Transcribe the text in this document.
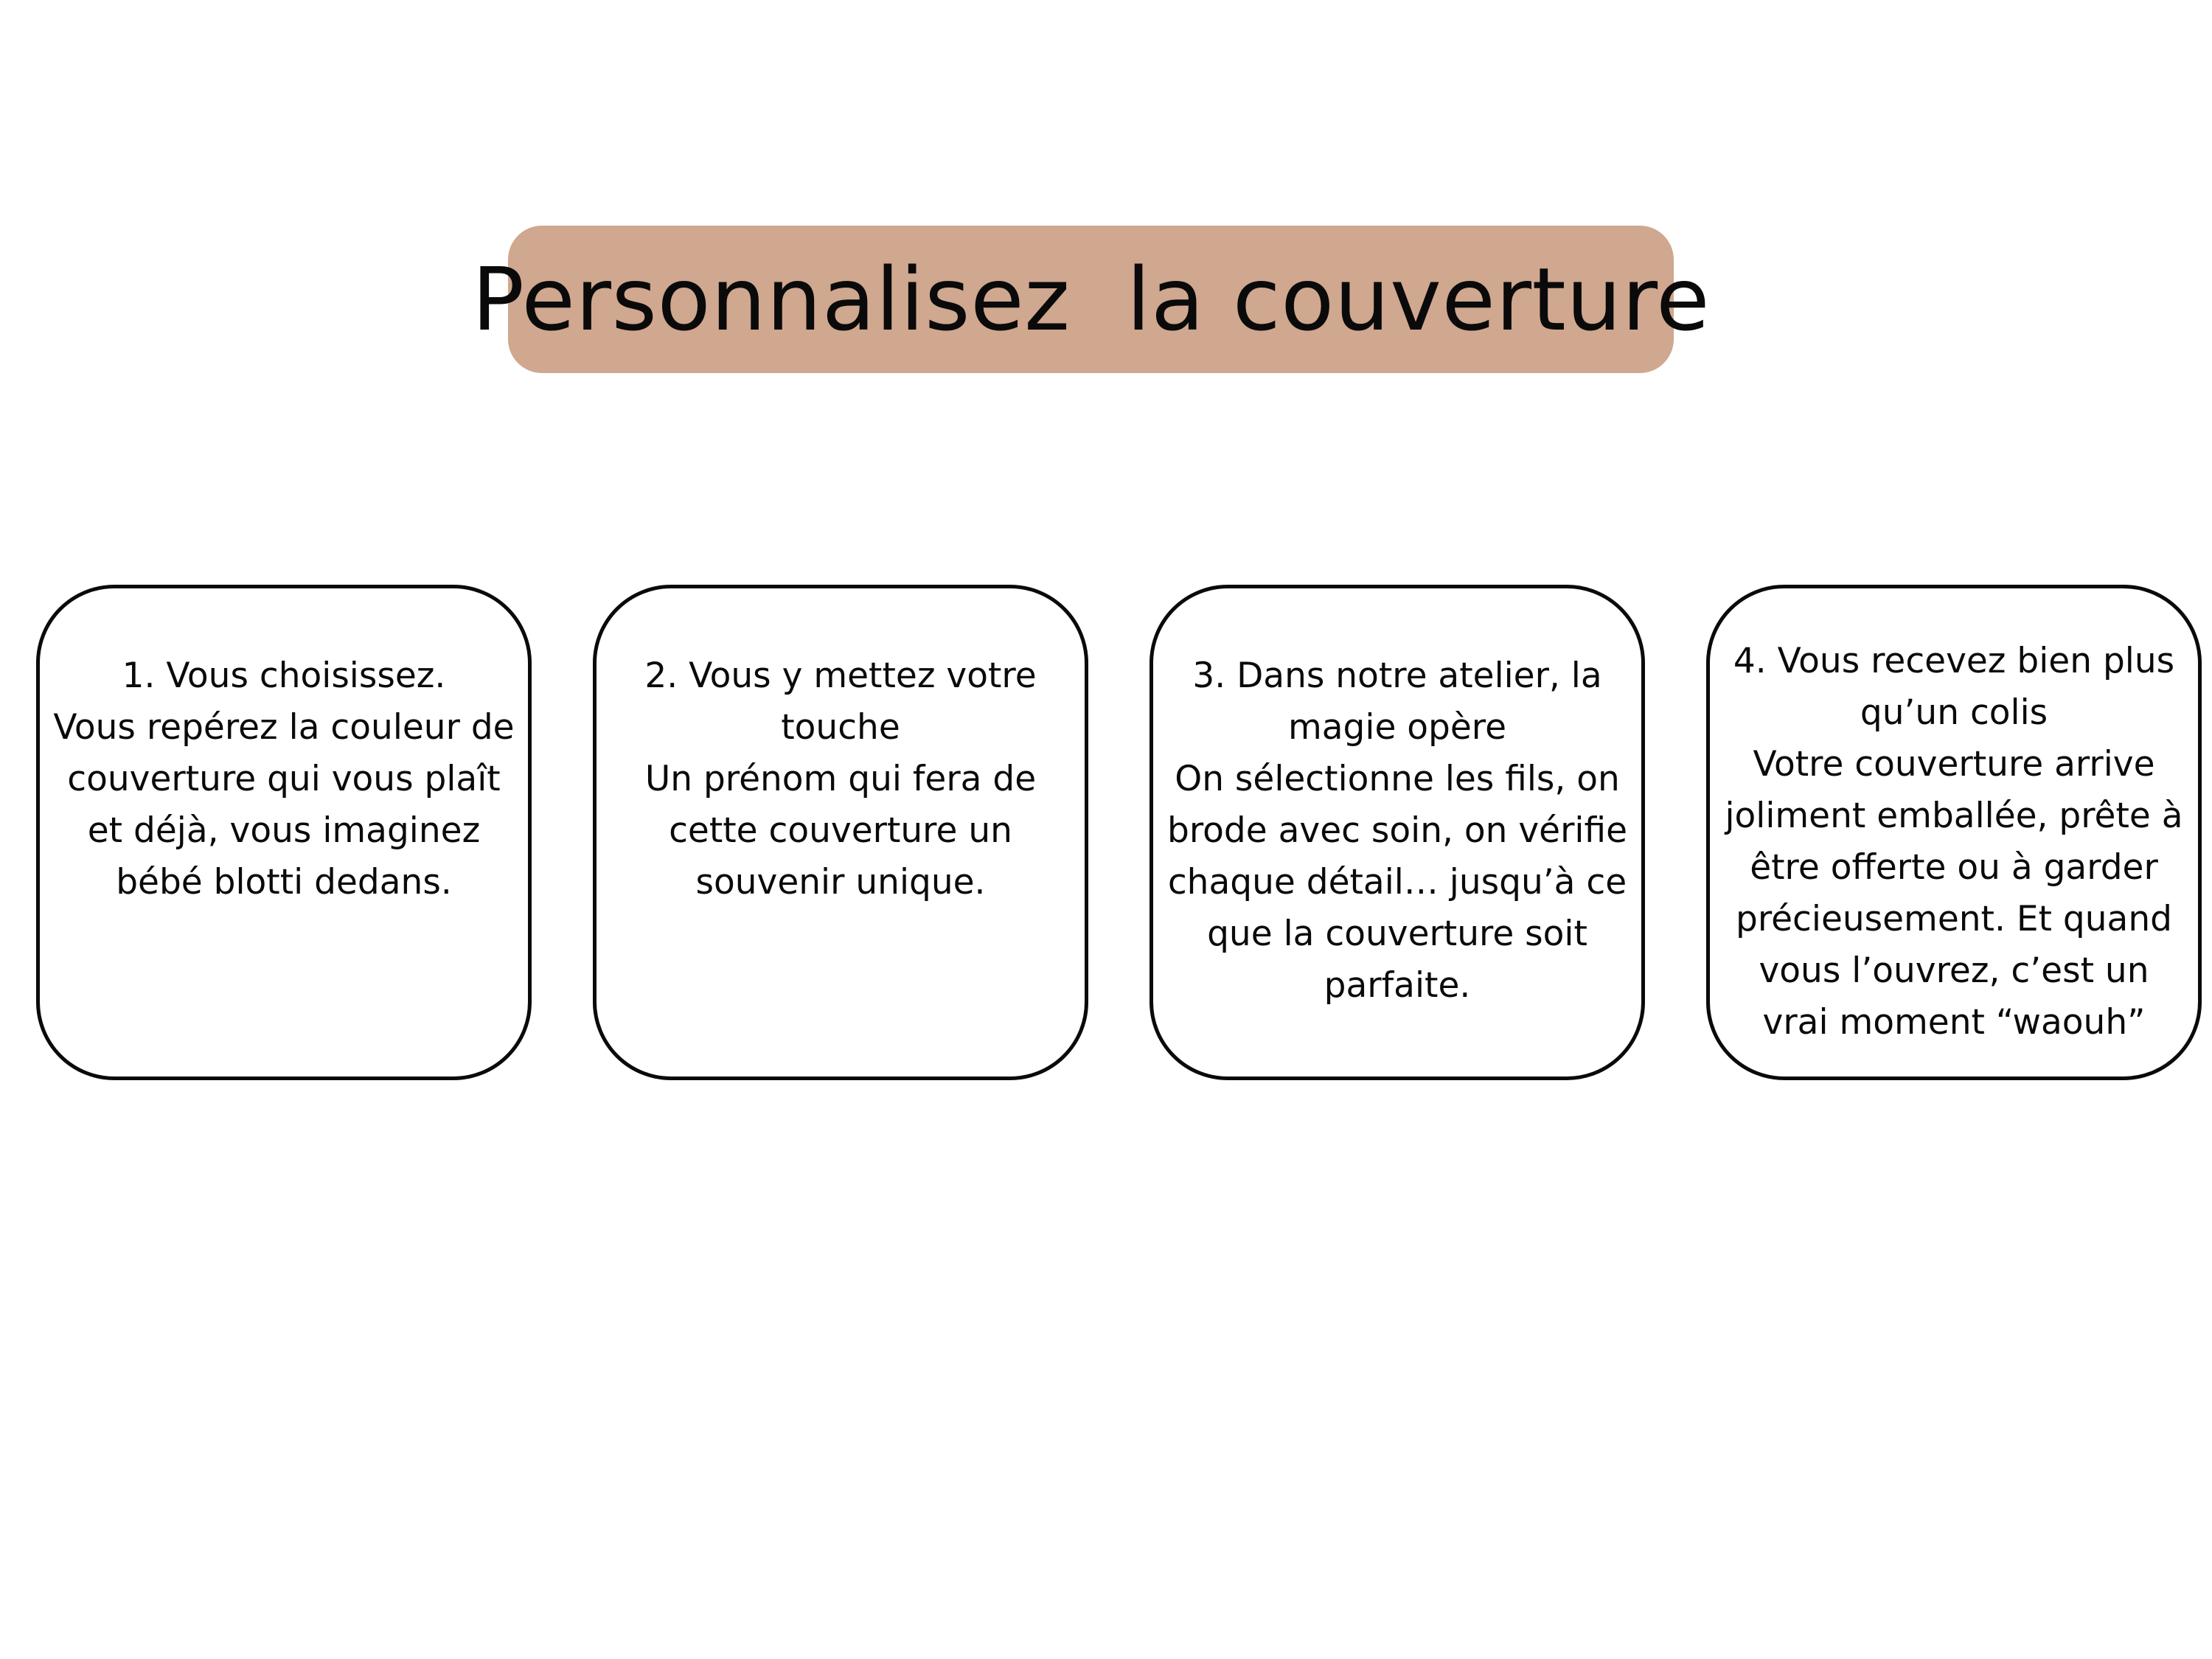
Personnalisez  la couverture
1. Vous choisissez.
Vous repérez la couleur de couverture qui vous plaît
et déjà, vous imaginez bébé blotti dedans.
2. Vous y mettez votre touche
Un prénom qui fera de cette couverture un souvenir unique.
3. Dans notre atelier, la magie opère
On sélectionne les fils, on brode avec soin, on vérifie chaque détail… jusqu’à ce que la couverture soit parfaite.
4. Vous recevez bien plus qu’un colis
Votre couverture arrive joliment emballée, prête à être offerte ou à garder précieusement. Et quand vous l’ouvrez, c’est un vrai moment “waouh”
